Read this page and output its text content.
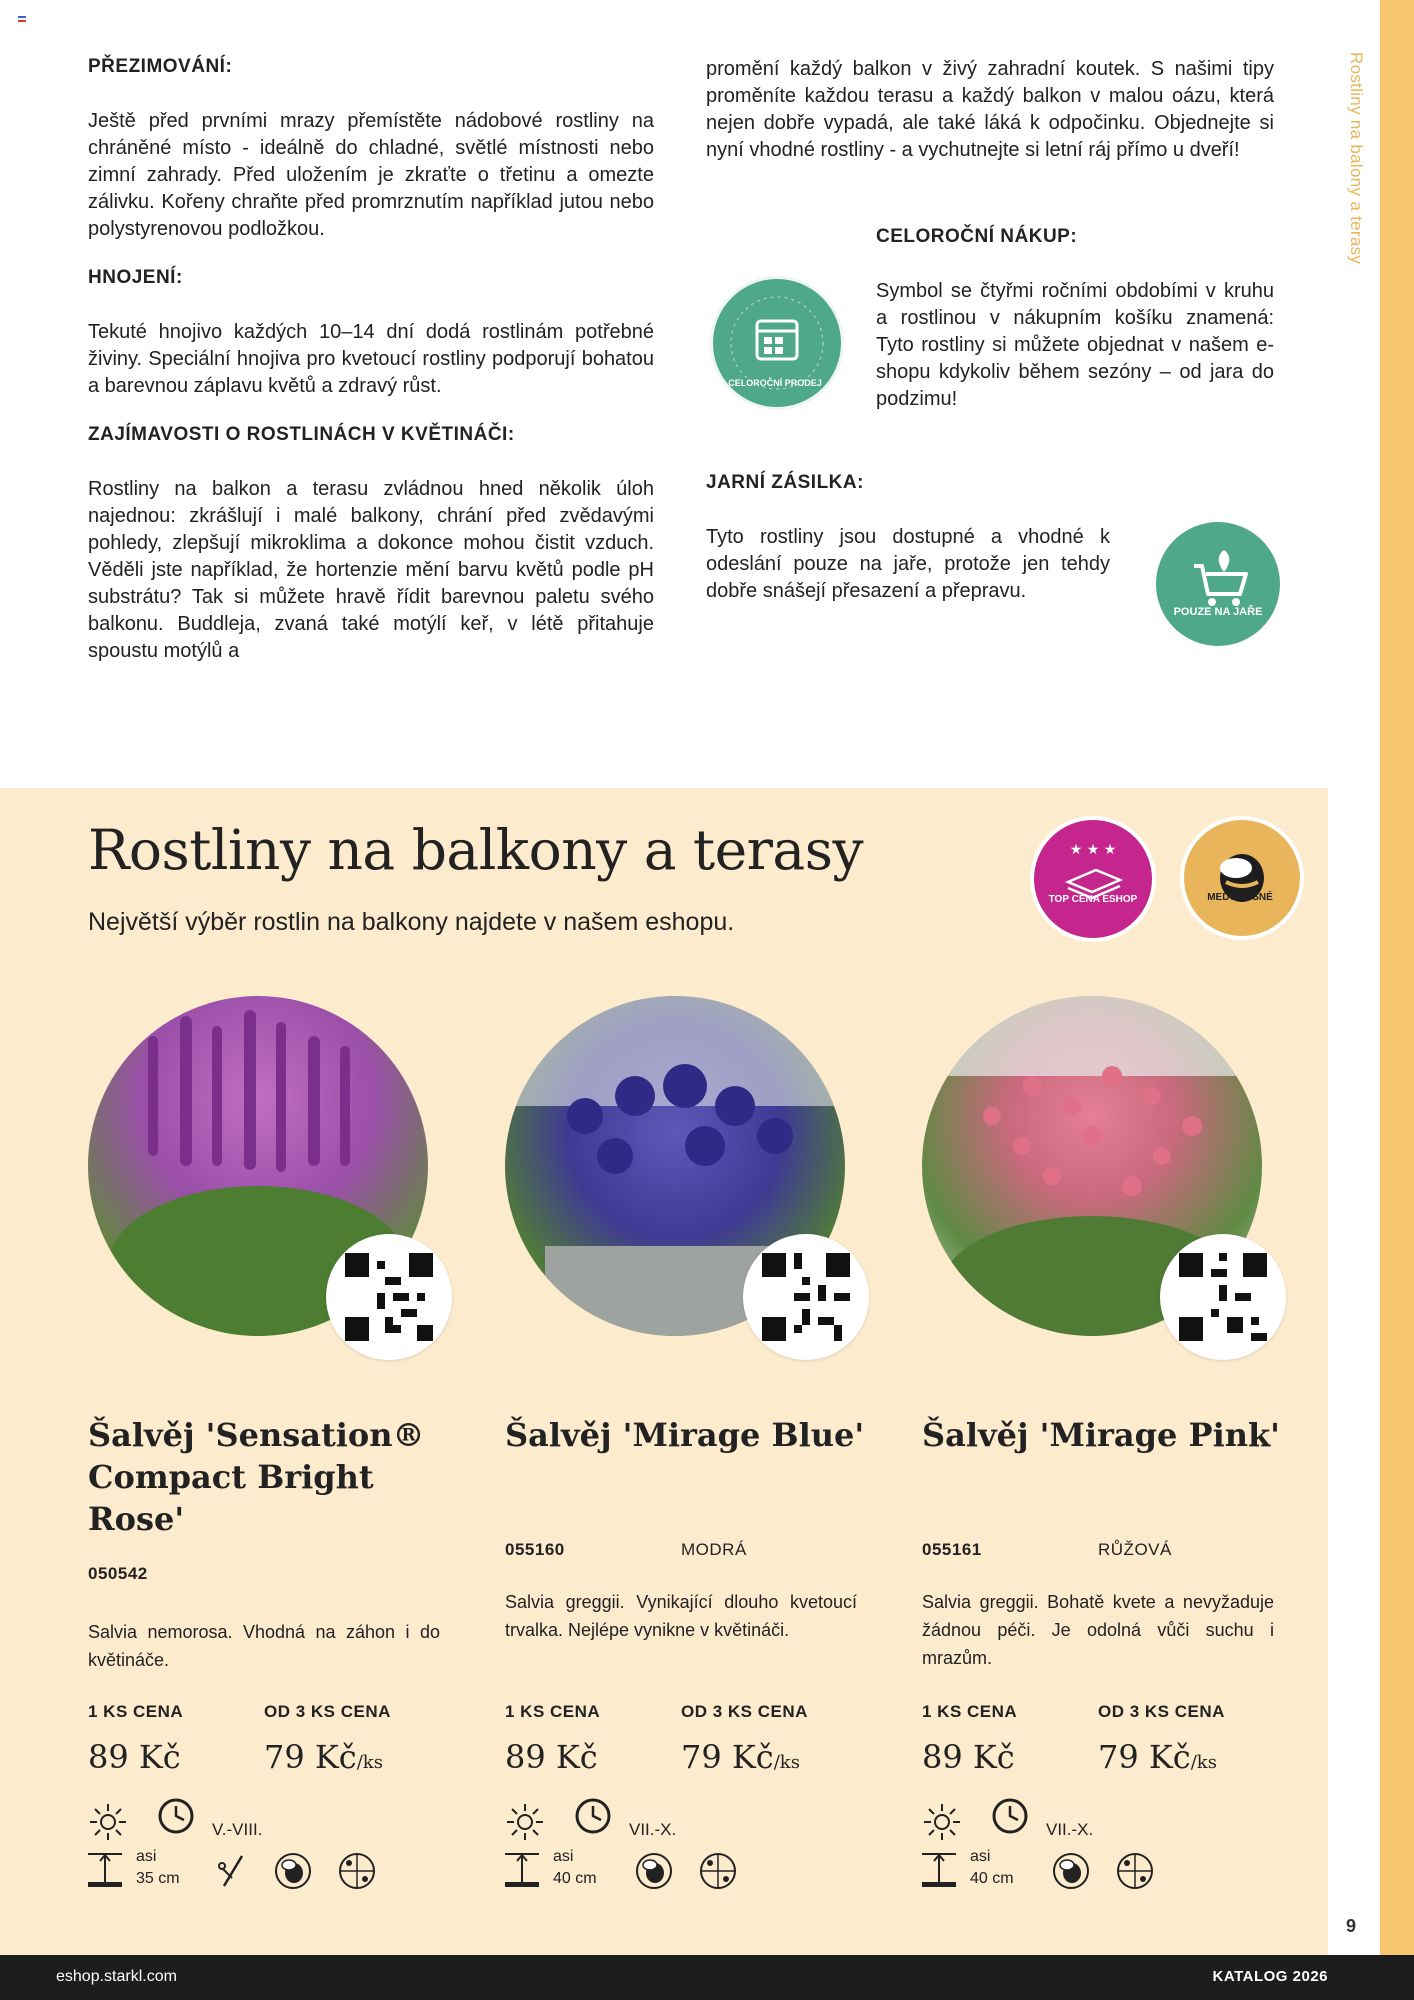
Rostliny na balony a terasy
PŘEZIMOVÁNÍ:

Ještě před prvními mrazy přemístěte nádobové rostliny na chráněné místo - ideálně do chladné, světlé místnosti nebo zimní zahrady. Před uložením je zkraťte o třetinu a omezte zálivku. Kořeny chraňte před promrznutím například jutou nebo polystyrenovou podložkou.

HNOJENÍ:

Tekuté hnojivo každých 10–14 dní dodá rostlinám potřebné živiny. Speciální hnojiva pro kvetoucí rostliny podporují bohatou a barevnou záplavu květů a zdravý růst.

ZAJÍMAVOSTI O ROSTLINÁCH V KVĚTINÁČI:

Rostliny na balkon a terasu zvládnou hned několik úloh najednou: zkrášlují i malé balkony, chrání před zvědavými pohledy, zlepšují mikroklima a dokonce mohou čistit vzduch. Věděli jste například, že hortenzie mění barvu květů podle pH substrátu? Tak si můžete hravě řídit barevnou paletu svého balkonu. Buddleja, zvaná také motýlí keř, v létě přitahuje spoustu motýlů a

promění každý balkon v živý zahradní koutek. S našimi tipy proměníte každou terasu a každý balkon v malou oázu, která nejen dobře vypadá, ale také láká k odpočinku. Objednejte si nyní vhodné rostliny - a vychutnejte si letní ráj přímo u dveří!

CELOROČNÍ NÁKUP:

Symbol se čtyřmi ročními obdobími v kruhu a rostlinou v nákupním košíku znamená: Tyto rostliny si můžete objednat v našem e-shopu kdykoliv během sezóny – od jara do podzimu!

CELOROČNÍ PRODEJ
JARNÍ ZÁSILKA:

Tyto rostliny jsou dostupné a vhodné k odeslání pouze na jaře, protože jen tehdy dobře snášejí přesazení a přepravu.

POUZE NA JAŘE
Rostliny na balkony a terasy

Největší výběr rostlin na balkony najdete v našem eshopu.

★ ★ ★
TOP CENA ESHOP	MEDONOSNÉ
Šalvěj 'Sensation® Compact Bright Rose'
050542

Salvia nemorosa. Vhodná na záhon i do květináče.

1 KS CENA	OD 3 KS CENA
89 Kč	79 Kč/ks
V.-VIII.
asi
35 cm
Šalvěj 'Mirage Blue'
055160	MODRÁ

Salvia greggii. Vynikající dlouho kvetoucí trvalka. Nejlépe vynikne v květináči.

1 KS CENA	OD 3 KS CENA
89 Kč	79 Kč/ks
VII.-X.
asi
40 cm
Šalvěj 'Mirage Pink'
055161	RŮŽOVÁ

Salvia greggii. Bohatě kvete a nevyžaduje žádnou péči. Je odolná vůči suchu i mrazům.

1 KS CENA	OD 3 KS CENA
89 Kč	79 Kč/ks
VII.-X.
asi
40 cm
9
eshop.starkl.com	KATALOG 2026
